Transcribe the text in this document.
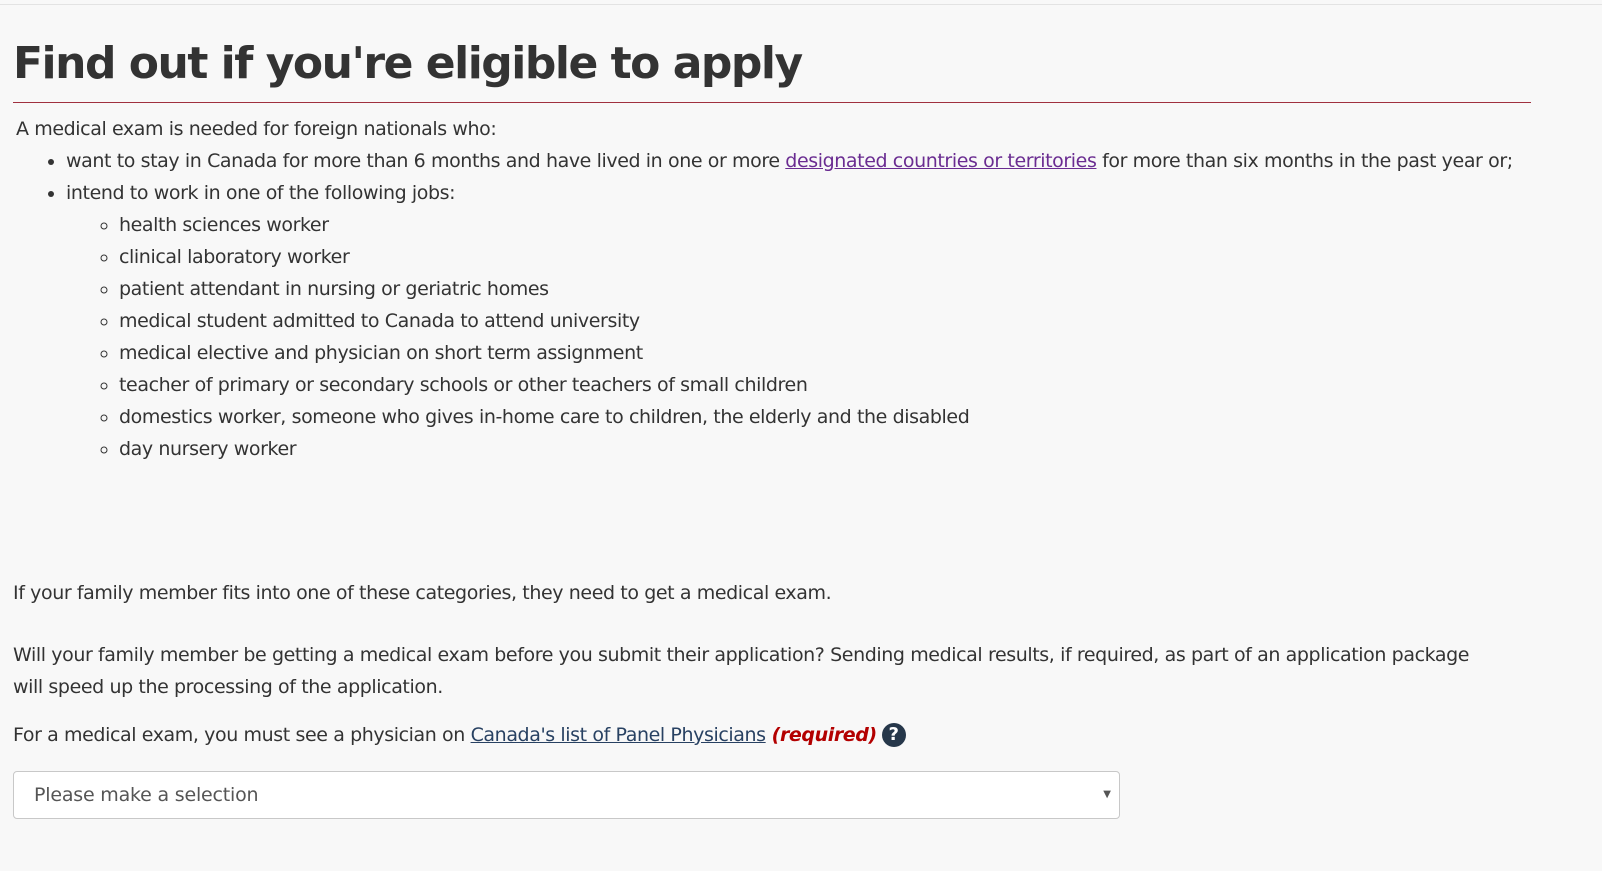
Find out if you're eligible to apply
A medical exam is needed for foreign nationals who:
• want to stay in Canada for more than 6 months and have lived in one or more designated countries or territories for more than six months in the past year or;
• intend to work in one of the following jobs:
◦ health sciences worker
◦ clinical laboratory worker
◦ patient attendant in nursing or geriatric homes
◦ medical student admitted to Canada to attend university
◦ medical elective and physician on short term assignment
◦ teacher of primary or secondary schools or other teachers of small children
◦ domestics worker, someone who gives in-home care to children, the elderly and the disabled
◦ day nursery worker

If your family member fits into one of these categories, they need to get a medical exam.

Will your family member be getting a medical exam before you submit their application? Sending medical results, if required, as part of an application package will speed up the processing of the application.

For a medical exam, you must see a physician on
Canada's list of Panel Physicians (required) ?
Please make a selection	▼
